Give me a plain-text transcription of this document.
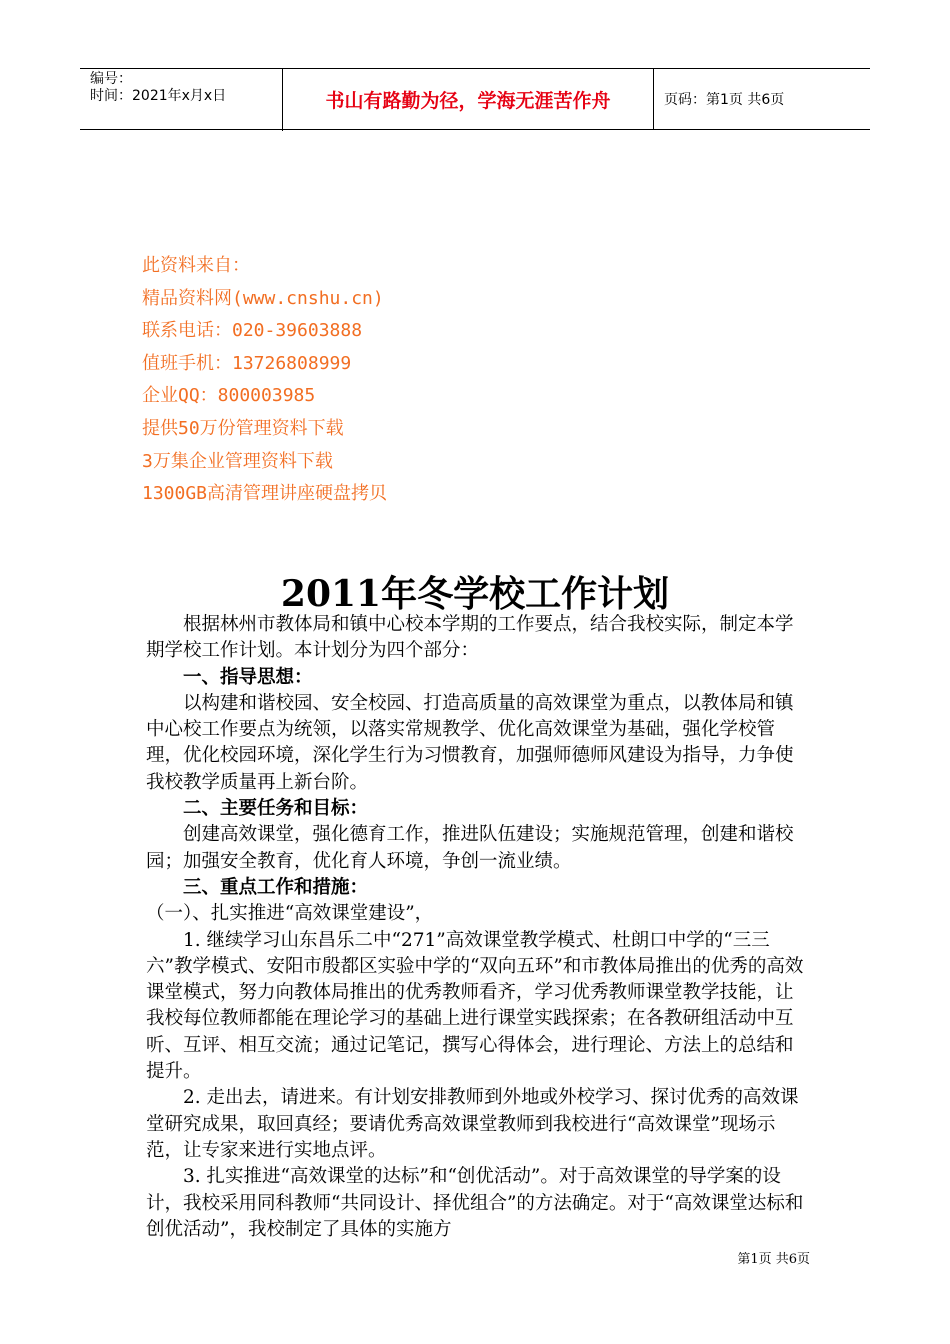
编号：
时间：2021年x月x日	书山有路勤为径，学海无涯苦作舟	页码：第1页 共6页
此资料来自：
精品资料网(www.cnshu.cn)
联系电话：020-39603888
值班手机：13726808999
企业QQ：800003985
提供50万份管理资料下载
3万集企业管理资料下载
1300GB高清管理讲座硬盘拷贝
2011年冬学校工作计划

根据林州市教体局和镇中心校本学期的工作要点，结合我校实际，制定本学期学校工作计划。本计划分为四个部分：

一、指导思想：

以构建和谐校园、安全校园、打造高质量的高效课堂为重点，以教体局和镇中心校工作要点为统领，以落实常规教学、优化高效课堂为基础，强化学校管理，优化校园环境，深化学生行为习惯教育，加强师德师风建设为指导，力争使我校教学质量再上新台阶。

二、主要任务和目标：

创建高效课堂，强化德育工作，推进队伍建设；实施规范管理，创建和谐校园；加强安全教育，优化育人环境，争创一流业绩。

三、重点工作和措施：

（一）、扎实推进“高效课堂建设”，

1. 继续学习山东昌乐二中“271”高效课堂教学模式、杜朗口中学的“三三六”教学模式、安阳市殷都区实验中学的“双向五环”和市教体局推出的优秀的高效课堂模式，努力向教体局推出的优秀教师看齐，学习优秀教师课堂教学技能，让我校每位教师都能在理论学习的基础上进行课堂实践探索；在各教研组活动中互听、互评、相互交流；通过记笔记，撰写心得体会，进行理论、方法上的总结和提升。

2. 走出去，请进来。有计划安排教师到外地或外校学习、探讨优秀的高效课堂研究成果，取回真经；要请优秀高效课堂教师到我校进行“高效课堂”现场示范，让专家来进行实地点评。

3. 扎实推进“高效课堂的达标”和“创优活动”。对于高效课堂的导学案的设计，我校采用同科教师“共同设计、择优组合”的方法确定。对于“高效课堂达标和创优活动”，我校制定了具体的实施方

第1页 共6页
